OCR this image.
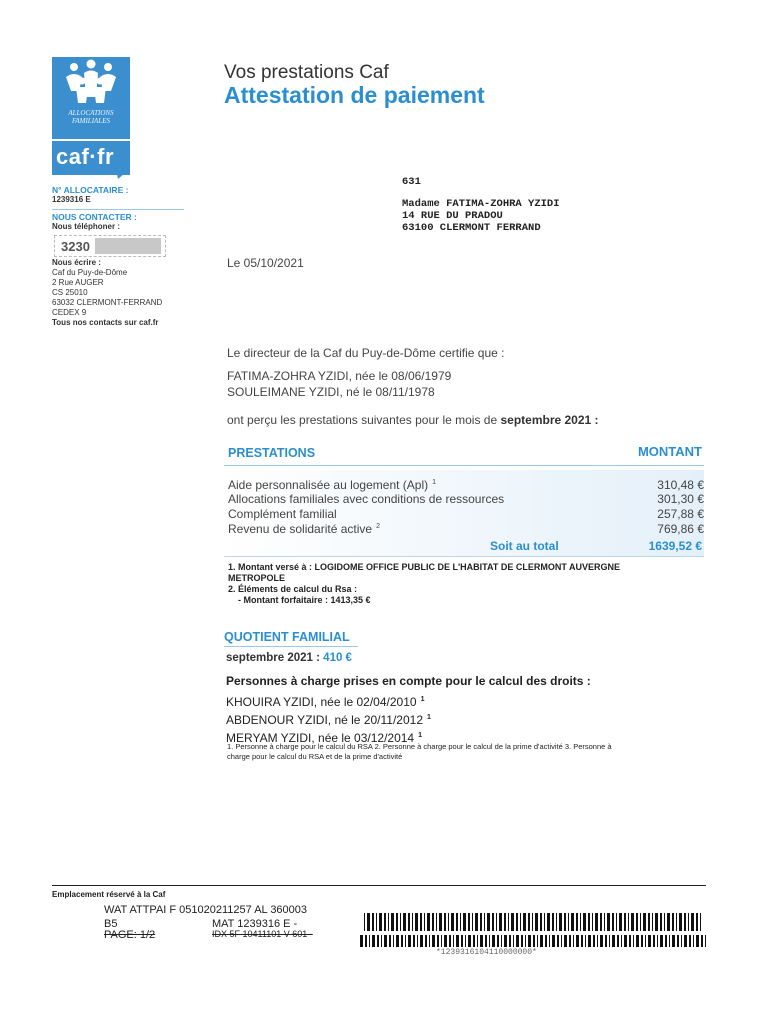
ALLOCATIONS
FAMILIALES
caf·fr
N° ALLOCATAIRE :
1239316 E
NOUS CONTACTER :
Nous téléphoner :
3230
Nous écrire :
Caf du Puy-de-Dôme
2 Rue AUGER
CS 25010
63032 CLERMONT-FERRAND
CEDEX 9
Tous nos contacts sur caf.fr
Vos prestations Caf
Attestation de paiement
631
Madame FATIMA-ZOHRA YZIDI
14 RUE DU PRADOU
63100 CLERMONT FERRAND
Le 05/10/2021
Le directeur de la Caf du Puy-de-Dôme certifie que :
FATIMA-ZOHRA YZIDI, née le 08/06/1979
SOULEIMANE YZIDI, né le 08/11/1978
ont perçu les prestations suivantes pour le mois de septembre 2021 :
PRESTATIONS	MONTANT
Aide personnalisée au logement (Apl) $^1$	310,48 €
Allocations familiales avec conditions de ressources	301,30 €
Complément familial	257,88 €
Revenu de solidarité active $^2$	769,86 €
Soit au total	1639,52 €
1. Montant versé à : LOGIDOME OFFICE PUBLIC DE L'HABITAT DE CLERMONT AUVERGNE
METROPOLE
2. Éléments de calcul du Rsa :
- Montant forfaitaire : 1413,35 €
QUOTIENT FAMILIAL
septembre 2021 : 410 €
Personnes à charge prises en compte pour le calcul des droits :
KHOUIRA YZIDI, née le 02/04/2010 $^1$
ABDENOUR YZIDI, né le 20/11/2012 $^1$
MERYAM YZIDI, née le 03/12/2014 $^1$
1. Personne à charge pour le calcul du RSA 2. Personne à charge pour le calcul de la prime d'activité 3. Personne à
charge pour le calcul du RSA et de la prime d'activité
Emplacement réservé à la Caf
WAT ATTPAI F 051020211257 AL 360003
B5	MAT 1239316 E -
PAGE: 1/2	IDX 5F 10411101 V 601 -
*1239316104110000000*
